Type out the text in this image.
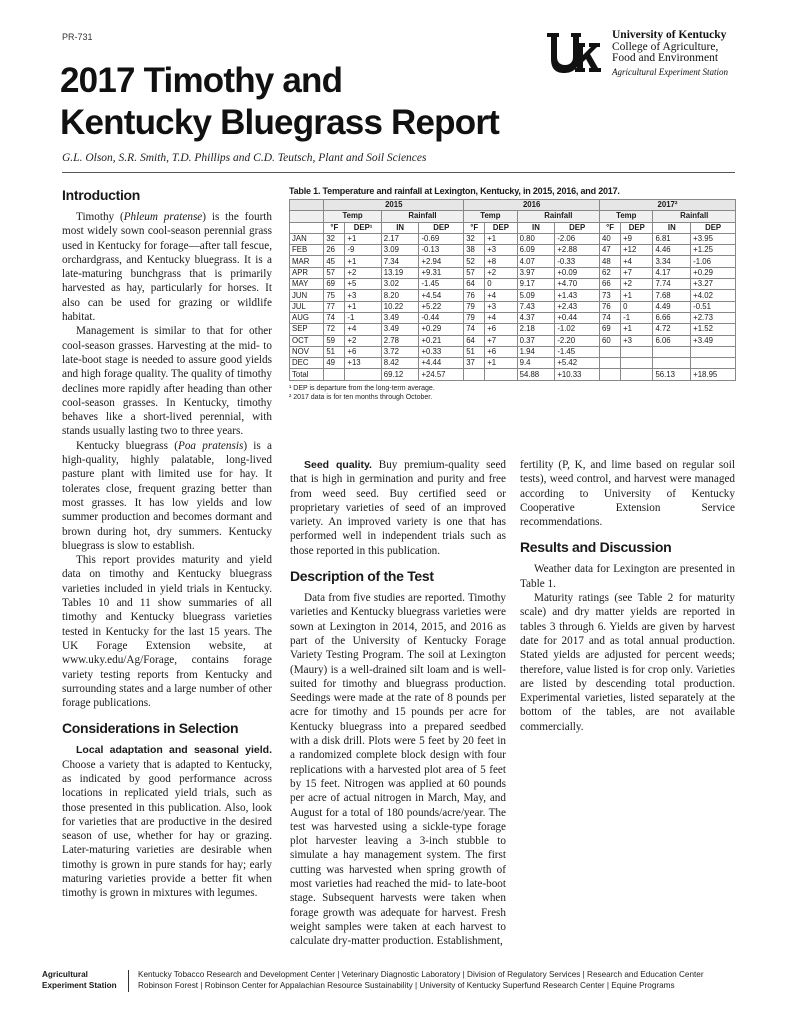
PR-731
2017 Timothy and Kentucky Bluegrass Report
G.L. Olson, S.R. Smith, T.D. Phillips and C.D. Teutsch, Plant and Soil Sciences
University of Kentucky
College of Agriculture,
Food and Environment
Agricultural Experiment Station
Introduction

Timothy (Phleum pratense) is the fourth most widely sown cool-season perennial grass used in Kentucky for forage—after tall fescue, orchardgrass, and Kentucky bluegrass. It is a late-maturing bunchgrass that is primarily harvested as hay, particularly for horses. It also can be used for grazing or wildlife habitat.

Management is similar to that for other cool-season grasses. Harvesting at the mid- to late-boot stage is needed to assure good yields and high forage quality. The quality of timothy declines more rapidly after heading than other cool-season grasses. In Kentucky, timothy behaves like a short-lived perennial, with stands usually lasting two to three years.

Kentucky bluegrass (Poa pratensis) is a high-quality, highly palatable, long-lived pasture plant with limited use for hay. It tolerates close, frequent grazing better than most grasses. It has low yields and low summer production and becomes dormant and brown during hot, dry summers. Kentucky bluegrass is slow to establish.

This report provides maturity and yield data on timothy and Kentucky bluegrass varieties included in yield trials in Kentucky. Tables 10 and 11 show summaries of all timothy and Kentucky bluegrass varieties tested in Kentucky for the last 15 years. The UK Forage Extension website, at www.uky.edu/Ag/Forage, contains forage variety testing reports from Kentucky and surrounding states and a large number of other forage publications.

Considerations in Selection

Local adaptation and seasonal yield. Choose a variety that is adapted to Kentucky, as indicated by good performance across locations in replicated yield trials, such as those presented in this publication. Also, look for varieties that are productive in the desired season of use, whether for hay or grazing. Later-maturing varieties are desirable when timothy is grown in pure stands for hay; early maturing varieties provide a better fit when timothy is grown in mixtures with legumes.

Table 1. Temperature and rainfall at Lexington, Kentucky, in 2015, 2016, and 2017.
	2015				2016				2017²			
	Temp		Rainfall		Temp		Rainfall		Temp		Rainfall	
	°F	DEP¹	IN	DEP	°F	DEP	IN	DEP	°F	DEP	IN	DEP
JAN	32	+1	2.17	-0.69	32	+1	0.80	-2.06	40	+9	6.81	+3.95
FEB	26	-9	3.09	-0.13	38	+3	6.09	+2.88	47	+12	4.46	+1.25
MAR	45	+1	7.34	+2.94	52	+8	4.07	-0.33	48	+4	3.34	-1.06
APR	57	+2	13.19	+9.31	57	+2	3.97	+0.09	62	+7	4.17	+0.29
MAY	69	+5	3.02	-1.45	64	0	9.17	+4.70	66	+2	7.74	+3.27
JUN	75	+3	8.20	+4.54	76	+4	5.09	+1.43	73	+1	7.68	+4.02
JUL	77	+1	10.22	+5.22	79	+3	7.43	+2.43	76	0	4.49	-0.51
AUG	74	-1	3.49	-0.44	79	+4	4.37	+0.44	74	-1	6.66	+2.73
SEP	72	+4	3.49	+0.29	74	+6	2.18	-1.02	69	+1	4.72	+1.52
OCT	59	+2	2.78	+0.21	64	+7	0.37	-2.20	60	+3	6.06	+3.49
NOV	51	+6	3.72	+0.33	51	+6	1.94	-1.45				
DEC	49	+13	8.42	+4.44	37	+1	9.4	+5.42				
Total			69.12	+24.57			54.88	+10.33			56.13	+18.95
¹ DEP is departure from the long-term average.
² 2017 data is for ten months through October.

Seed quality. Buy premium-quality seed that is high in germination and purity and free from weed seed. Buy certified seed or proprietary varieties of seed of an improved variety. An improved variety is one that has performed well in independent trials such as those reported in this publication.

Description of the Test

Data from five studies are reported. Timothy varieties and Kentucky bluegrass varieties were sown at Lexington in 2014, 2015, and 2016 as part of the University of Kentucky Forage Variety Testing Program. The soil at Lexington (Maury) is a well-drained silt loam and is well-suited for timothy and bluegrass production. Seedings were made at the rate of 8 pounds per acre for timothy and 15 pounds per acre for Kentucky bluegrass into a prepared seedbed with a disk drill. Plots were 5 feet by 20 feet in a randomized complete block design with four replications with a harvested plot area of 5 feet by 15 feet. Nitrogen was applied at 60 pounds per acre of actual nitrogen in March, May, and August for a total of 180 pounds/acre/year. The test was harvested using a sickle-type forage plot harvester leaving a 3-inch stubble to simulate a hay management system. The first cutting was harvested when spring growth of most varieties had reached the mid- to late-boot stage. Subsequent harvests were taken when forage growth was adequate for harvest. Fresh weight samples were taken at each harvest to calculate dry-matter production. Establishment,

fertility (P, K, and lime based on regular soil tests), weed control, and harvest were managed according to University of Kentucky Cooperative Extension Service recommendations.

Results and Discussion

Weather data for Lexington are presented in Table 1.

Maturity ratings (see Table 2 for maturity scale) and dry matter yields are reported in tables 3 through 6. Yields are given by harvest date for 2017 and as total annual production. Stated yields are adjusted for percent weeds; therefore, value listed is for crop only. Varieties are listed by descending total production. Experimental varieties, listed separately at the bottom of the tables, are not available commercially.

Agricultural
Experiment Station
Kentucky Tobacco Research and Development Center | Veterinary Diagnostic Laboratory | Division of Regulatory Services | Research and Education Center
Robinson Forest | Robinson Center for Appalachian Resource Sustainability | University of Kentucky Superfund Research Center | Equine Programs
